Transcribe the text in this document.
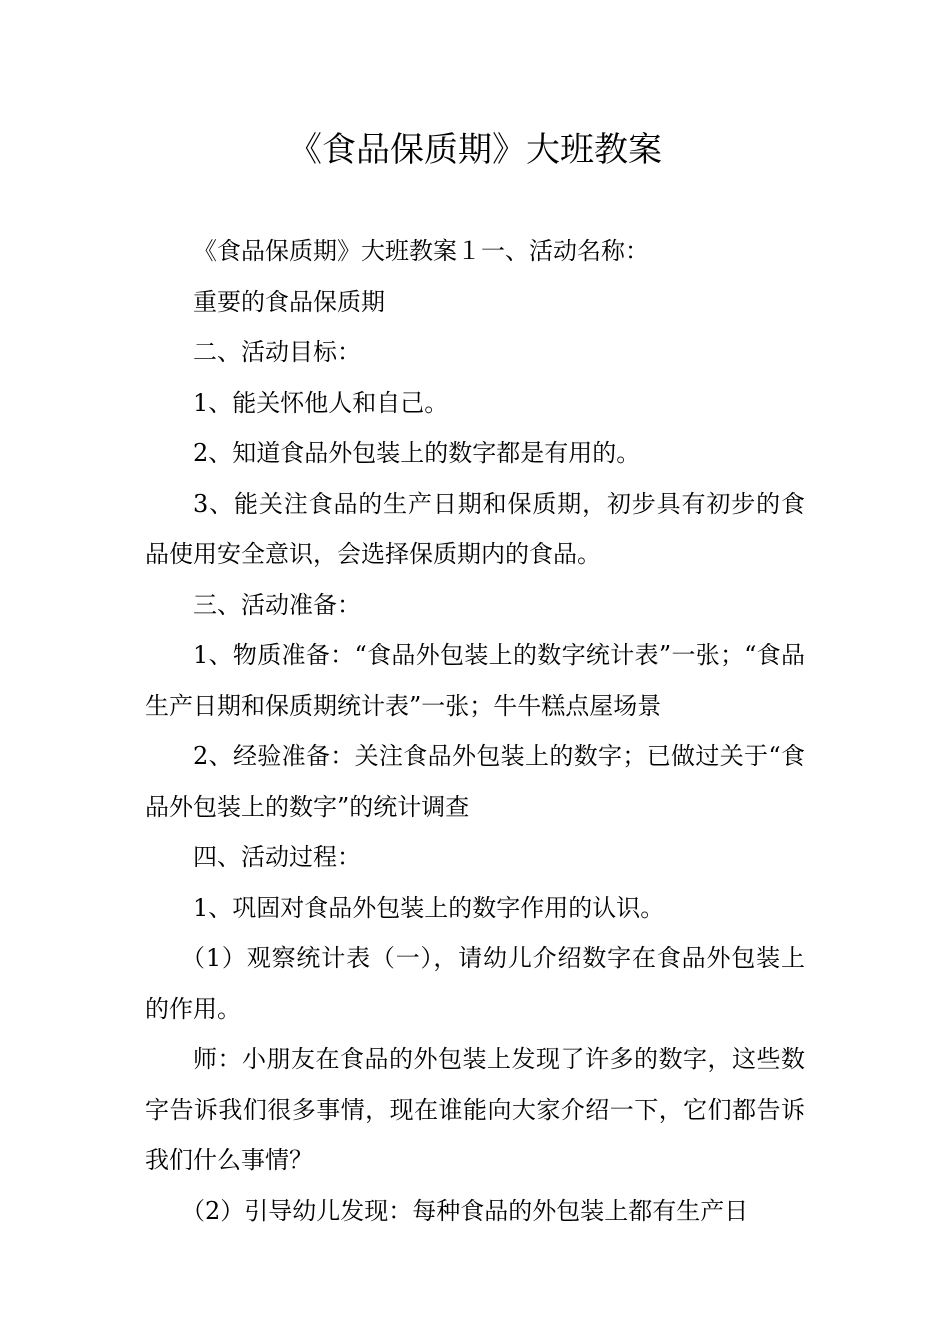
《食品保质期》大班教案

《食品保质期》大班教案１一、活动名称：

重要的食品保质期

二、活动目标：

1、能关怀他人和自己。

2、知道食品外包装上的数字都是有用的。

3、能关注食品的生产日期和保质期，初步具有初步的食品使用安全意识，会选择保质期内的食品。

三、活动准备：

1、物质准备：“食品外包装上的数字统计表”一张；“食品生产日期和保质期统计表”一张；牛牛糕点屋场景

2、经验准备：关注食品外包装上的数字；已做过关于“食品外包装上的数字”的统计调查

四、活动过程：

1、巩固对食品外包装上的数字作用的认识。

（1）观察统计表（一），请幼儿介绍数字在食品外包装上的作用。

师：小朋友在食品的外包装上发现了许多的数字，这些数字告诉我们很多事情，现在谁能向大家介绍一下，它们都告诉我们什么事情？

（2）引导幼儿发现：每种食品的外包装上都有生产日
